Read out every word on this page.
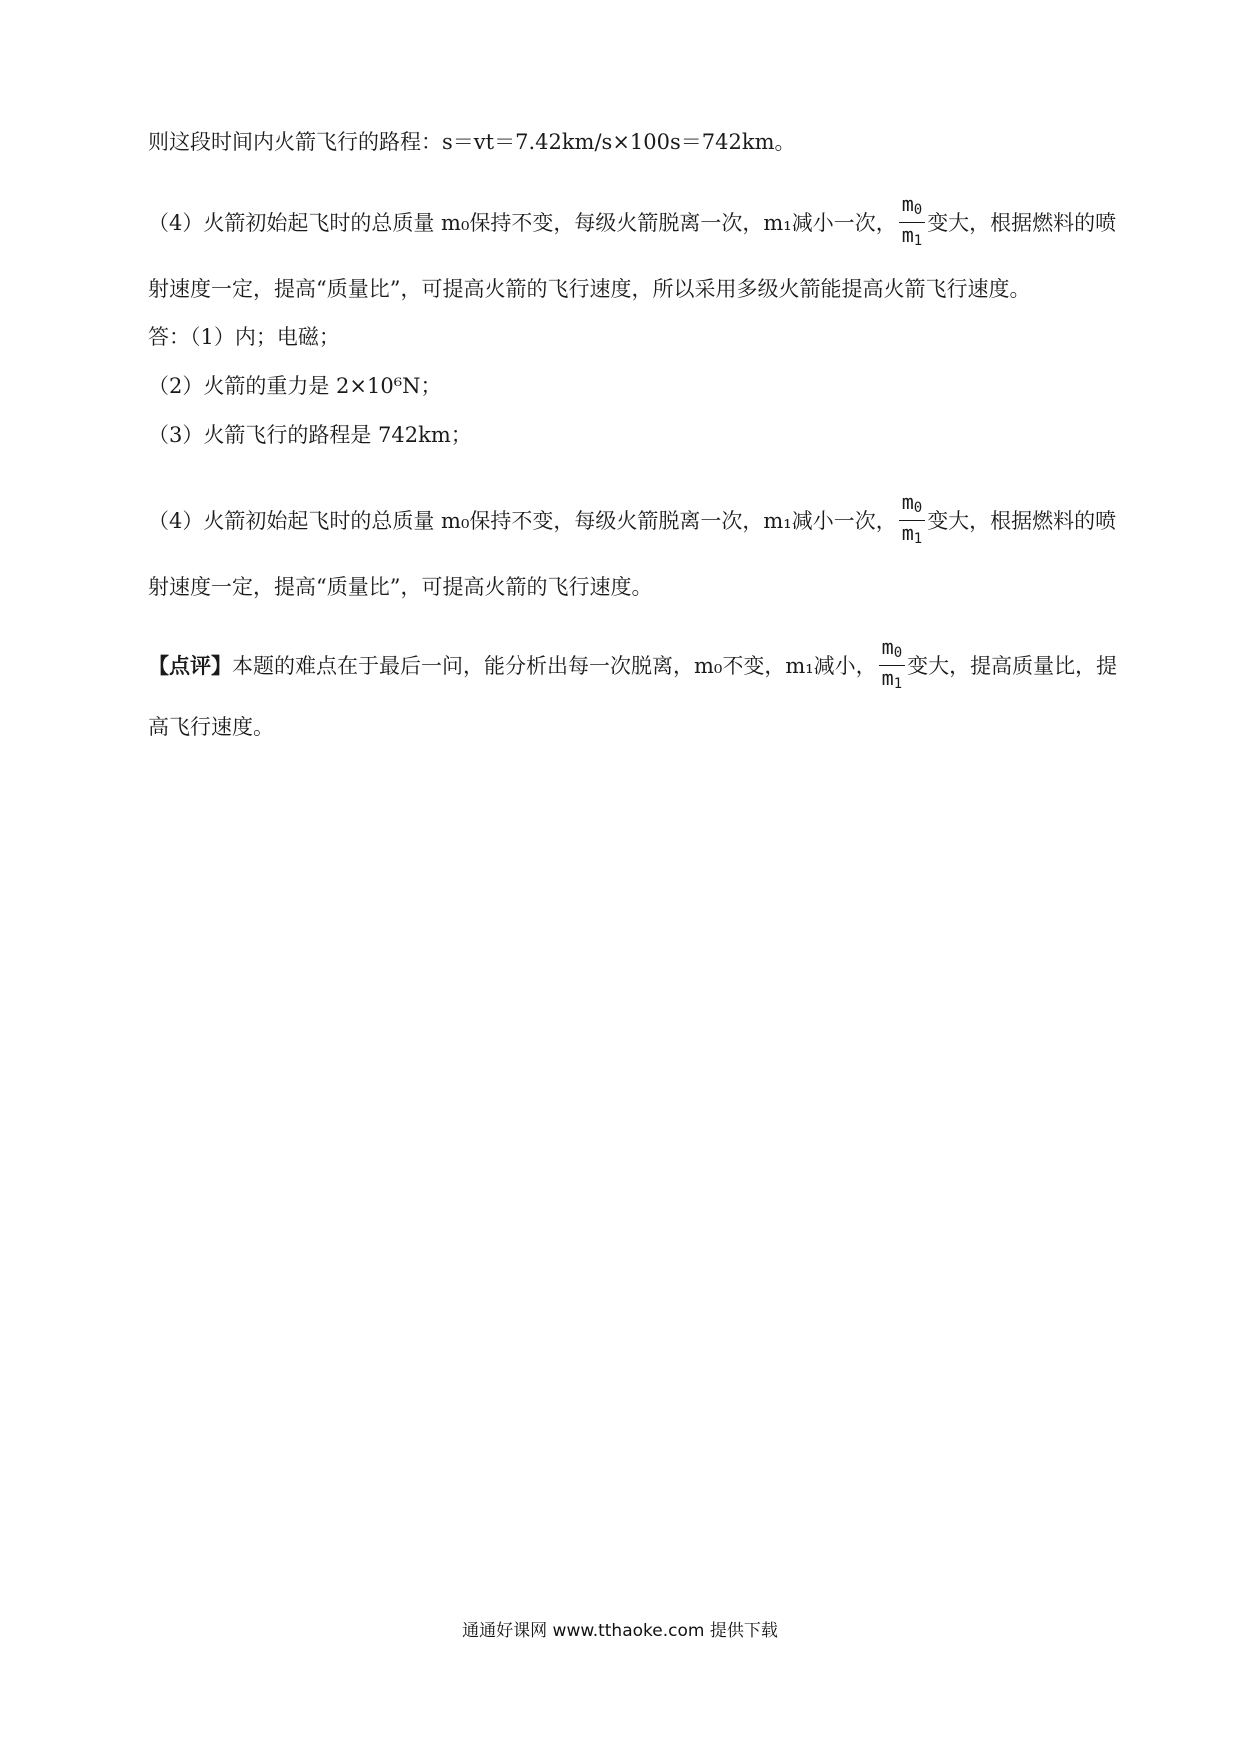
则这段时间内火箭飞行的路程：s＝vt＝7.42km/s×100s＝742km。
（4）火箭初始起飞时的总质量 m₀保持不变，每级火箭脱离一次，m₁减小一次， $\frac{m_0}{m_1}$ 变大，根据燃料的喷
射速度一定，提高“质量比”，可提高火箭的飞行速度，所以采用多级火箭能提高火箭飞行速度。
答：（1）内；电磁；
（2）火箭的重力是 2×10⁶N；
（3）火箭飞行的路程是 742km；
（4）火箭初始起飞时的总质量 m₀保持不变，每级火箭脱离一次，m₁减小一次， $\frac{m_0}{m_1}$ 变大，根据燃料的喷
射速度一定，提高“质量比”，可提高火箭的飞行速度。
【点评】本题的难点在于最后一问，能分析出每一次脱离，m₀不变，m₁减小， $\frac{m_0}{m_1}$ 变大，提高质量比，提
高飞行速度。
通通好课网 www.tthaoke.com 提供下载
